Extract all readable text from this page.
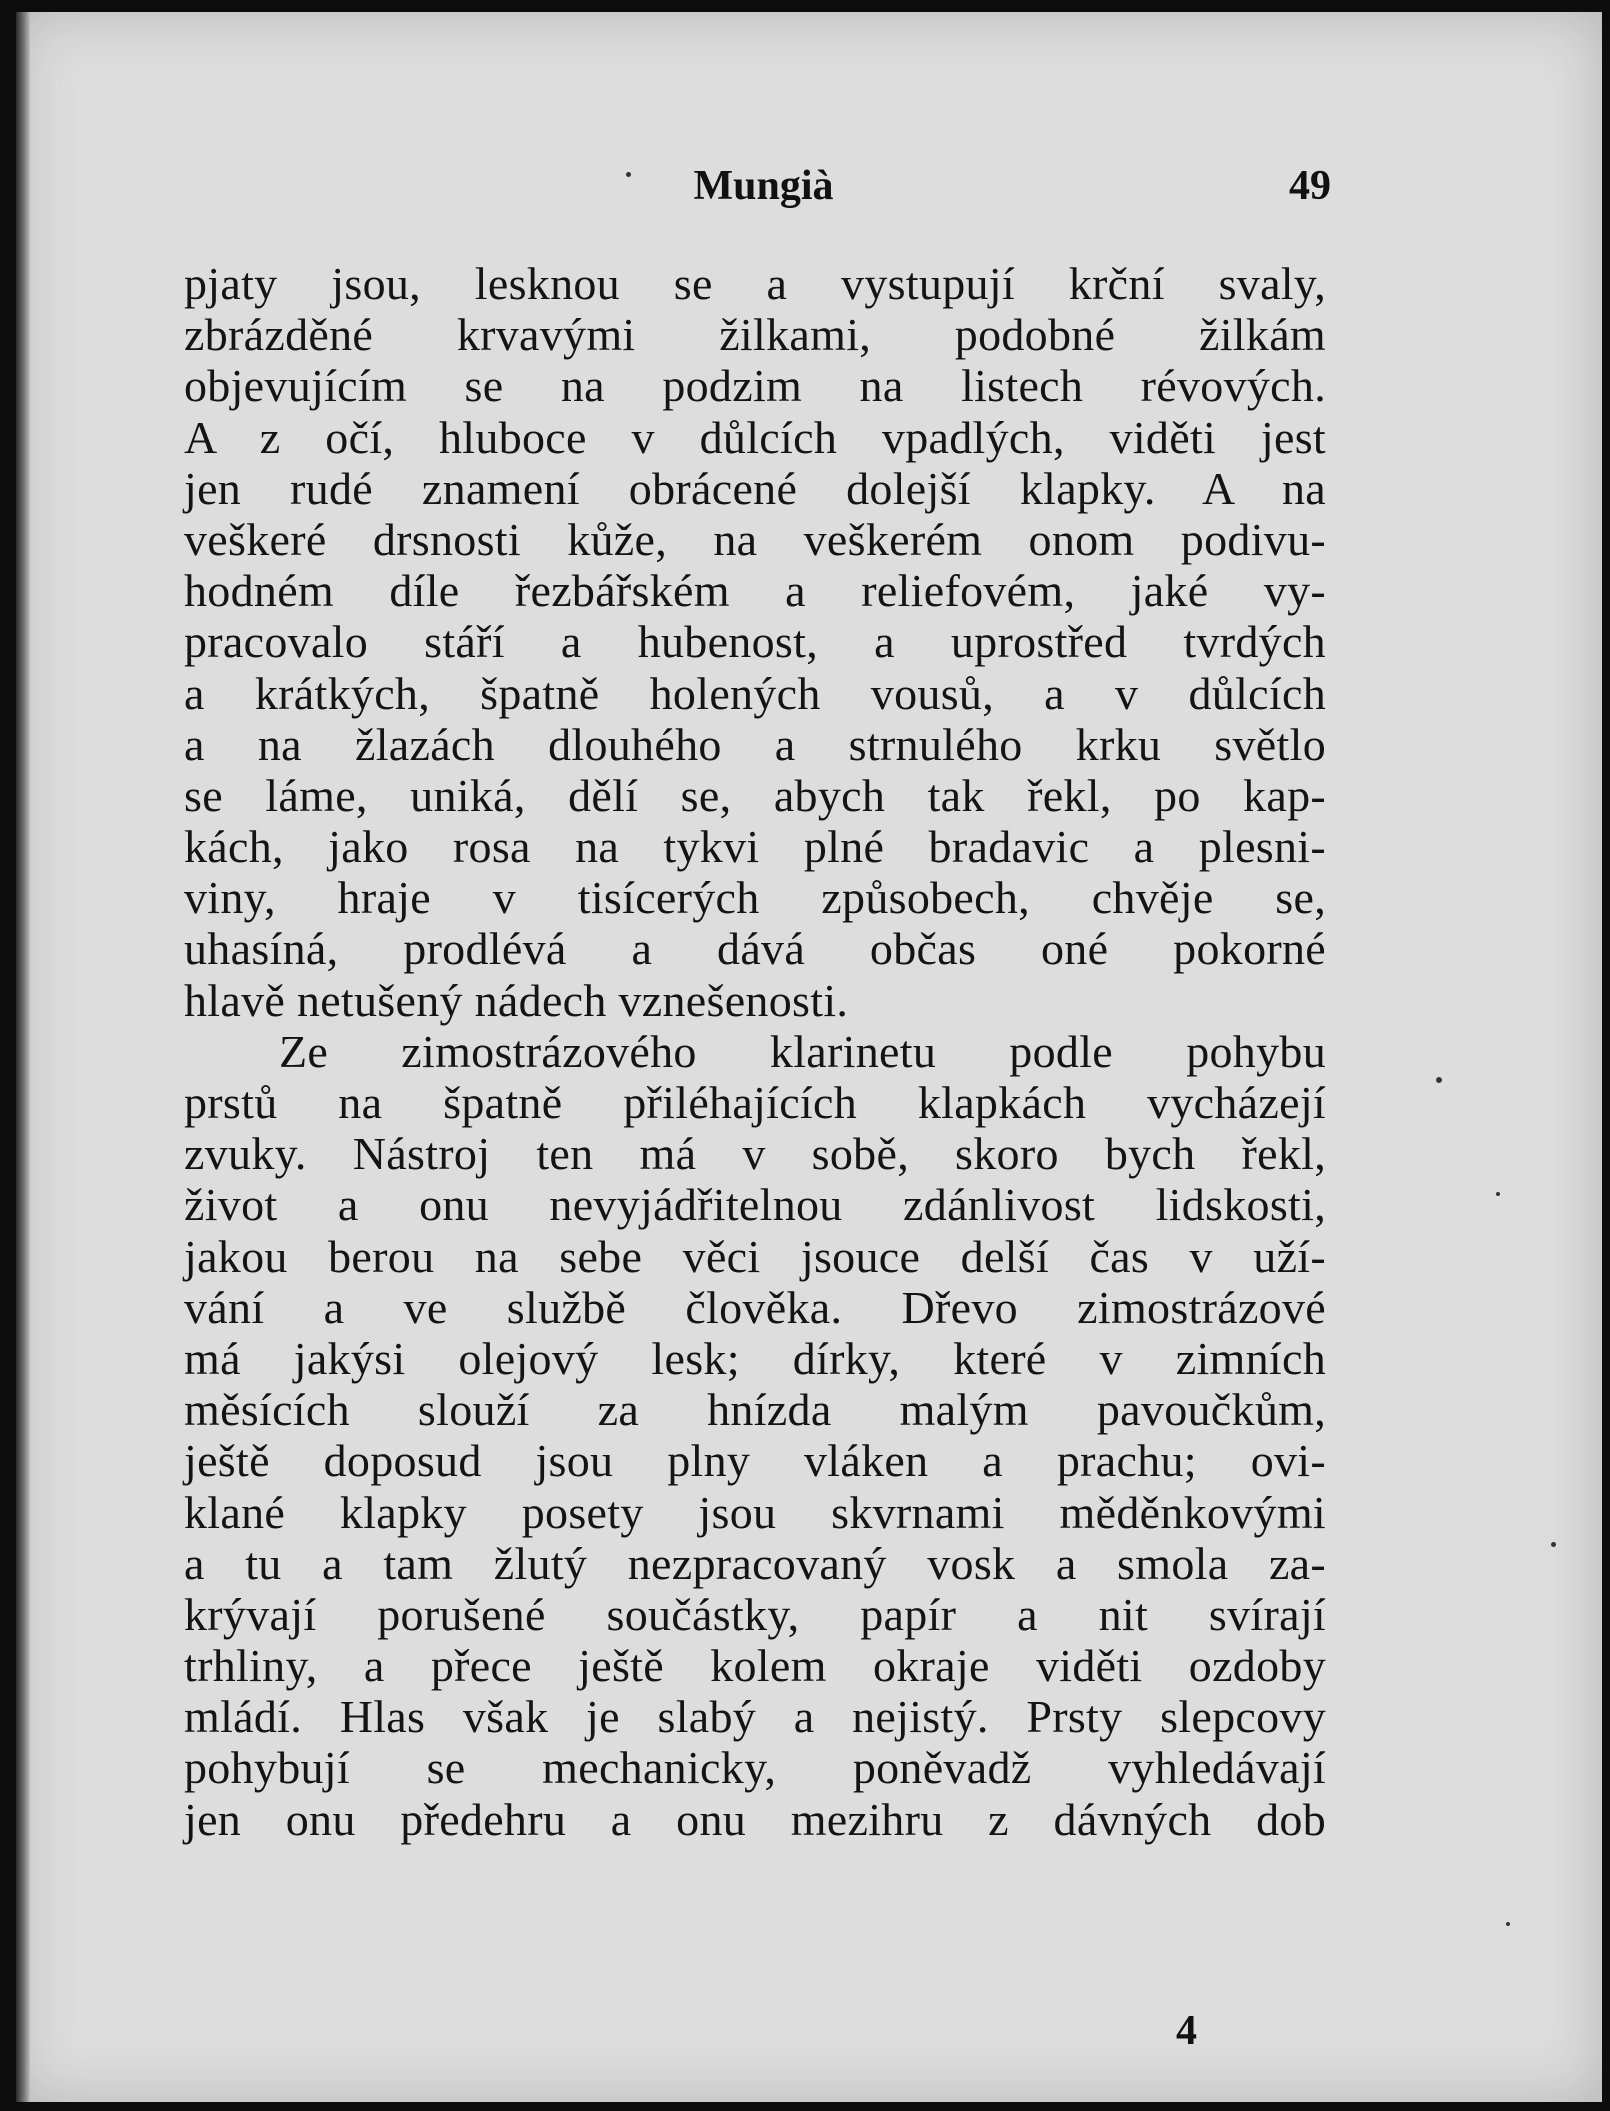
Mungià	49
pjaty jsou, lesknou se a vystupují krční svaly,
zbrázděné krvavými žilkami, podobné žilkám
objevujícím se na podzim na listech révových.
A z očí, hluboce v důlcích vpadlých, viděti jest
jen rudé znamení obrácené dolejší klapky. A na
veškeré drsnosti kůže, na veškerém onom podivu-
hodném díle řezbářském a reliefovém, jaké vy-
pracovalo stáří a hubenost, a uprostřed tvrdých
a krátkých, špatně holených vousů, a v důlcích
a na žlazách dlouhého a strnulého krku světlo
se láme, uniká, dělí se, abych tak řekl, po kap-
kách, jako rosa na tykvi plné bradavic a plesni-
viny, hraje v tisícerých způsobech, chvěje se,
uhasíná, prodlévá a dává občas oné pokorné
hlavě netušený nádech vznešenosti.
Ze zimostrázového klarinetu podle pohybu
prstů na špatně přiléhajících klapkách vycházejí
zvuky. Nástroj ten má v sobě, skoro bych řekl,
život a onu nevyjádřitelnou zdánlivost lidskosti,
jakou berou na sebe věci jsouce delší čas v uží-
vání a ve službě člověka. Dřevo zimostrázové
má jakýsi olejový lesk; dírky, které v zimních
měsících slouží za hnízda malým pavoučkům,
ještě doposud jsou plny vláken a prachu; ovi-
klané klapky posety jsou skvrnami měděnkovými
a tu a tam žlutý nezpracovaný vosk a smola za-
krývají porušené součástky, papír a nit svírají
trhliny, a přece ještě kolem okraje viděti ozdoby
mládí. Hlas však je slabý a nejistý. Prsty slepcovy
pohybují se mechanicky, poněvadž vyhledávají
jen onu předehru a onu mezihru z dávných dob
4
